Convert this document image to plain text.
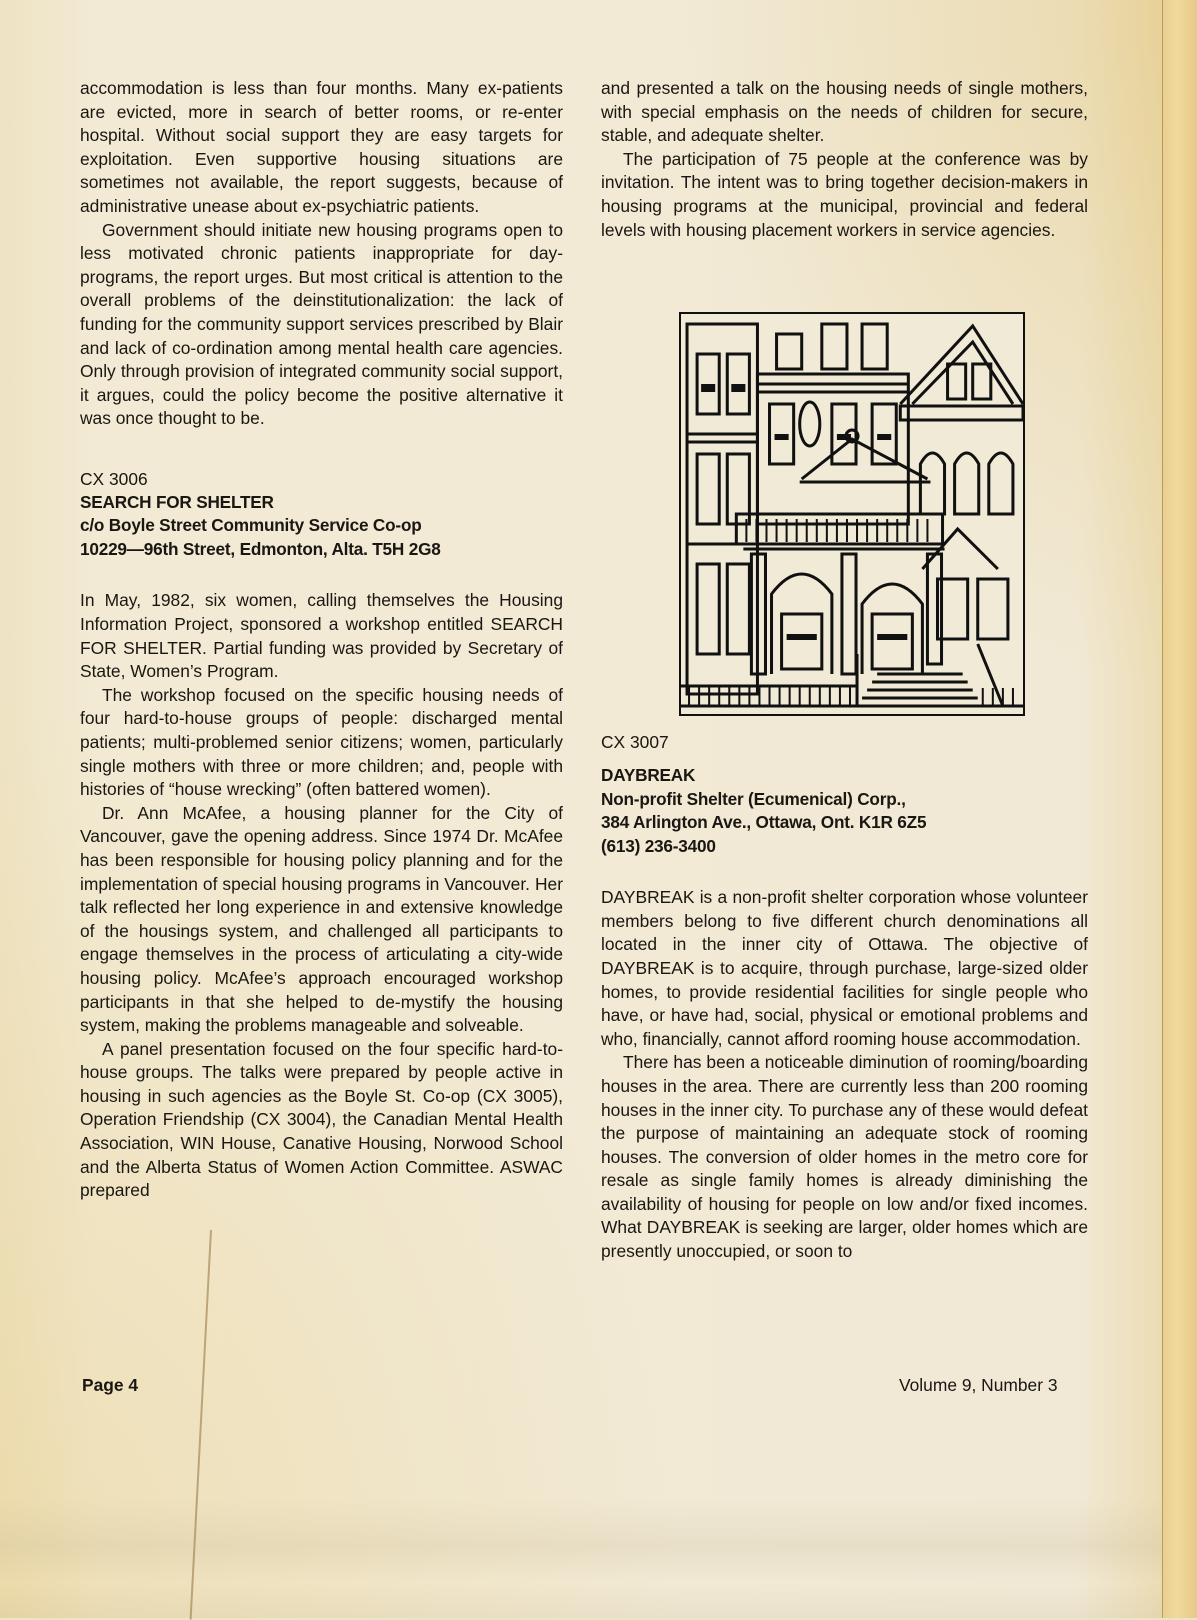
accommodation is less than four months. Many ex-patients are evicted, more in search of better rooms, or re-enter hospital. Without social support they are easy targets for exploitation. Even supportive housing situations are sometimes not available, the report suggests, because of administrative unease about ex-psychiatric patients.

Government should initiate new housing programs open to less motivated chronic patients inappropriate for day-programs, the report urges. But most critical is attention to the overall problems of the deinstitutionalization: the lack of funding for the community support services prescribed by Blair and lack of co-ordination among mental health care agencies. Only through provision of integrated community social support, it argues, could the policy become the positive alternative it was once thought to be.

CX 3006

SEARCH FOR SHELTER

c/o Boyle Street Community Service Co-op

10229—96th Street, Edmonton, Alta. T5H 2G8

In May, 1982, six women, calling themselves the Housing Information Project, sponsored a workshop entitled SEARCH FOR SHELTER. Partial funding was provided by Secretary of State, Women’s Program.

The workshop focused on the specific housing needs of four hard-to-house groups of people: discharged mental patients; multi-problemed senior citizens; women, particularly single mothers with three or more children; and, people with histories of “house wrecking” (often battered women).

Dr. Ann McAfee, a housing planner for the City of Vancouver, gave the opening address. Since 1974 Dr. McAfee has been responsible for housing policy planning and for the implementation of special housing programs in Vancouver. Her talk reflected her long experience in and extensive knowledge of the housings system, and challenged all participants to engage themselves in the process of articulating a city-wide housing policy. McAfee’s approach encouraged workshop participants in that she helped to de-mystify the housing system, making the problems manageable and solveable.

A panel presentation focused on the four specific hard-to-house groups. The talks were prepared by people active in housing in such agencies as the Boyle St. Co-op (CX 3005), Operation Friendship (CX 3004), the Canadian Mental Health Association, WIN House, Canative Housing, Norwood School and the Alberta Status of Women Action Committee. ASWAC prepared

and presented a talk on the housing needs of single mothers, with special emphasis on the needs of children for secure, stable, and adequate shelter.

The participation of 75 people at the conference was by invitation. The intent was to bring together decision-makers in housing programs at the municipal, provincial and federal levels with housing placement workers in service agencies.

CX 3007

DAYBREAK

Non-profit Shelter (Ecumenical) Corp.,

384 Arlington Ave., Ottawa, Ont. K1R 6Z5

(613) 236-3400

DAYBREAK is a non-profit shelter corporation whose volunteer members belong to five different church denominations all located in the inner city of Ottawa. The objective of DAYBREAK is to acquire, through purchase, large-sized older homes, to provide residential facilities for single people who have, or have had, social, physical or emotional problems and who, financially, cannot afford rooming house accommodation.

There has been a noticeable diminution of rooming/boarding houses in the area. There are currently less than 200 rooming houses in the inner city. To purchase any of these would defeat the purpose of maintaining an adequate stock of rooming houses. The conversion of older homes in the metro core for resale as single family homes is already diminishing the availability of housing for people on low and/or fixed incomes. What DAYBREAK is seeking are larger, older homes which are presently unoccupied, or soon to

Page 4	Volume 9, Number 3
